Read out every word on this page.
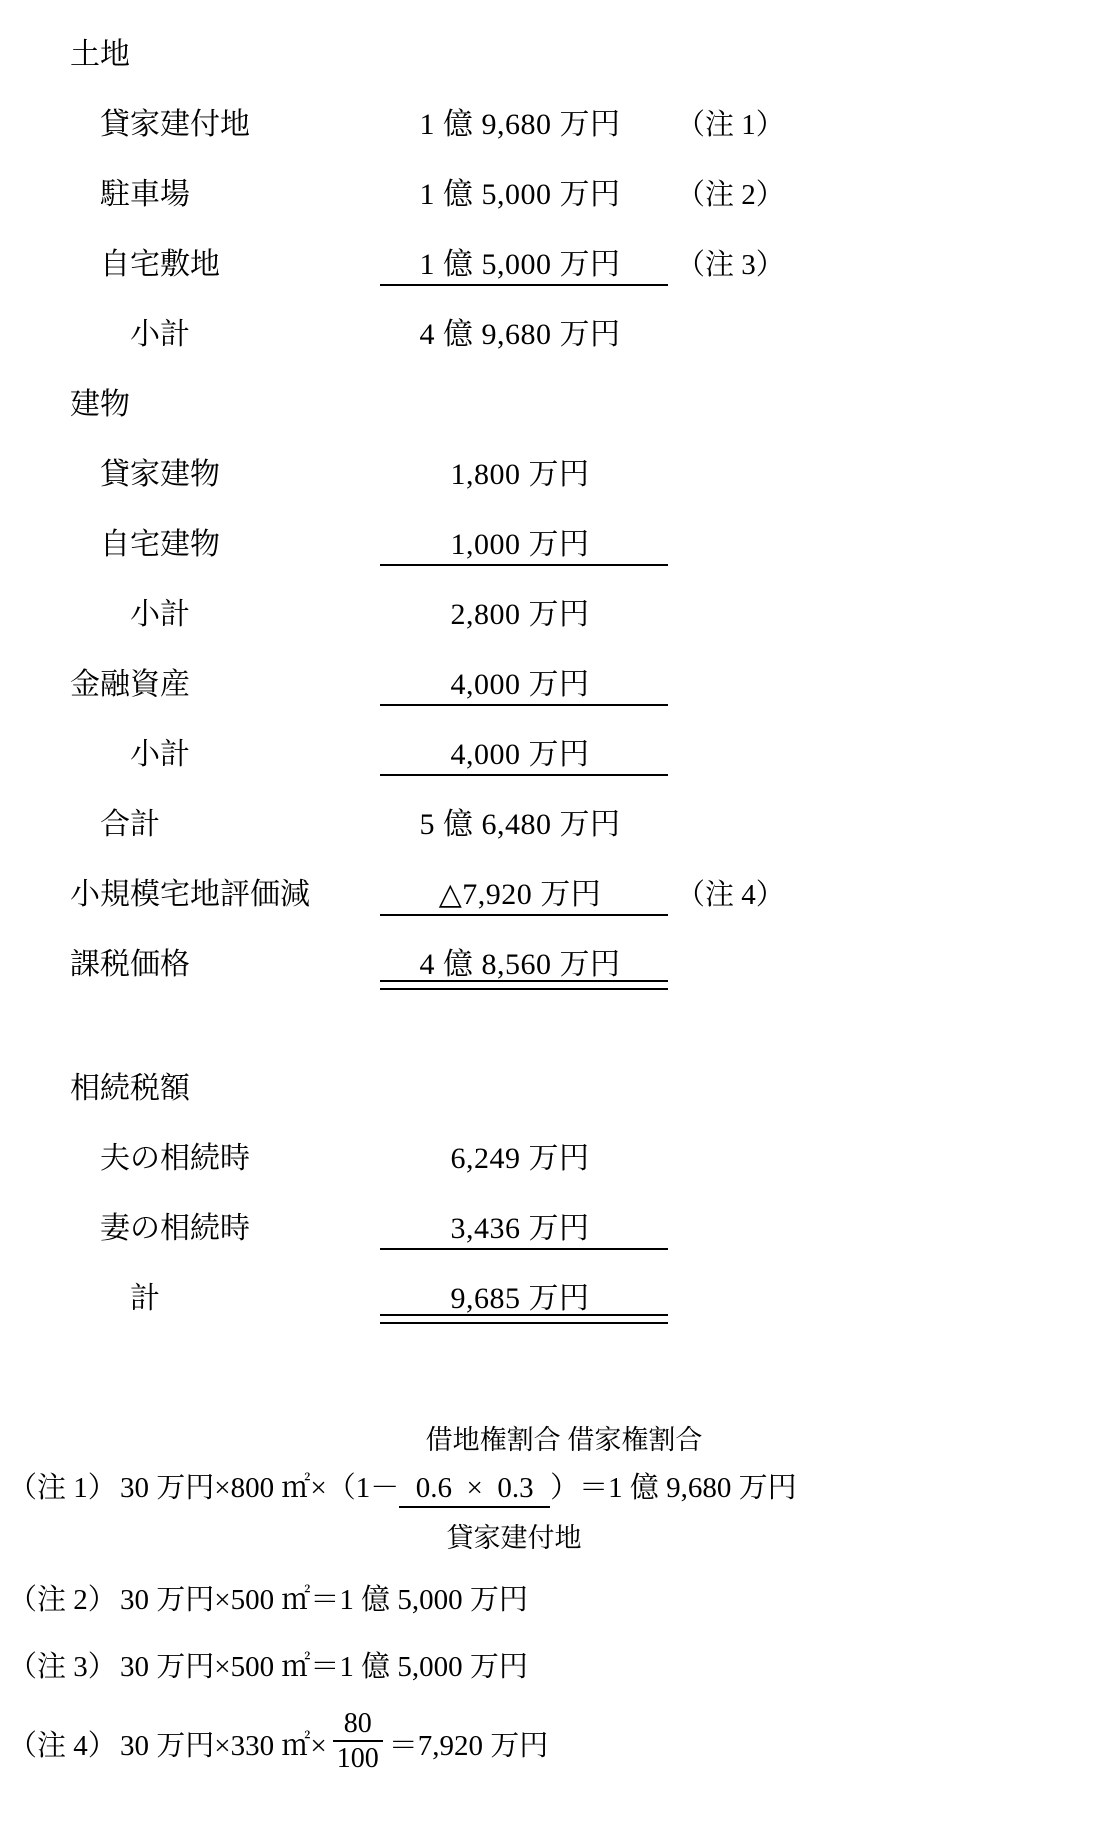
土地
貸家建付地	1 億 9,680 万円 （注 1）
駐車場	1 億 5,000 万円 （注 2）
自宅敷地	1 億 5,000 万円 （注 3）
小計	4 億 9,680 万円
建物
貸家建物	1,800 万円
自宅建物	1,000 万円
小計	2,800 万円
金融資産	4,000 万円
小計	4,000 万円
合計	5 億 6,480 万円
小規模宅地評価減	△7,920 万円	（注 4）
課税価格	4 億 8,560 万円
相続税額
夫の相続時	6,249 万円
妻の相続時	3,436 万円
計	9,685 万円
借地権割合 借家権割合
（注 1） 30 万円×800 ㎡×（1－ 0.6 × 0.3 ）＝1 億 9,680 万円
貸家建付地
（注 2） 30 万円×500 ㎡＝1 億 5,000 万円
（注 3） 30 万円×500 ㎡＝1 億 5,000 万円
（注 4） 30 万円×330 ㎡× $\frac{80}{100} =7,920$ 万円
